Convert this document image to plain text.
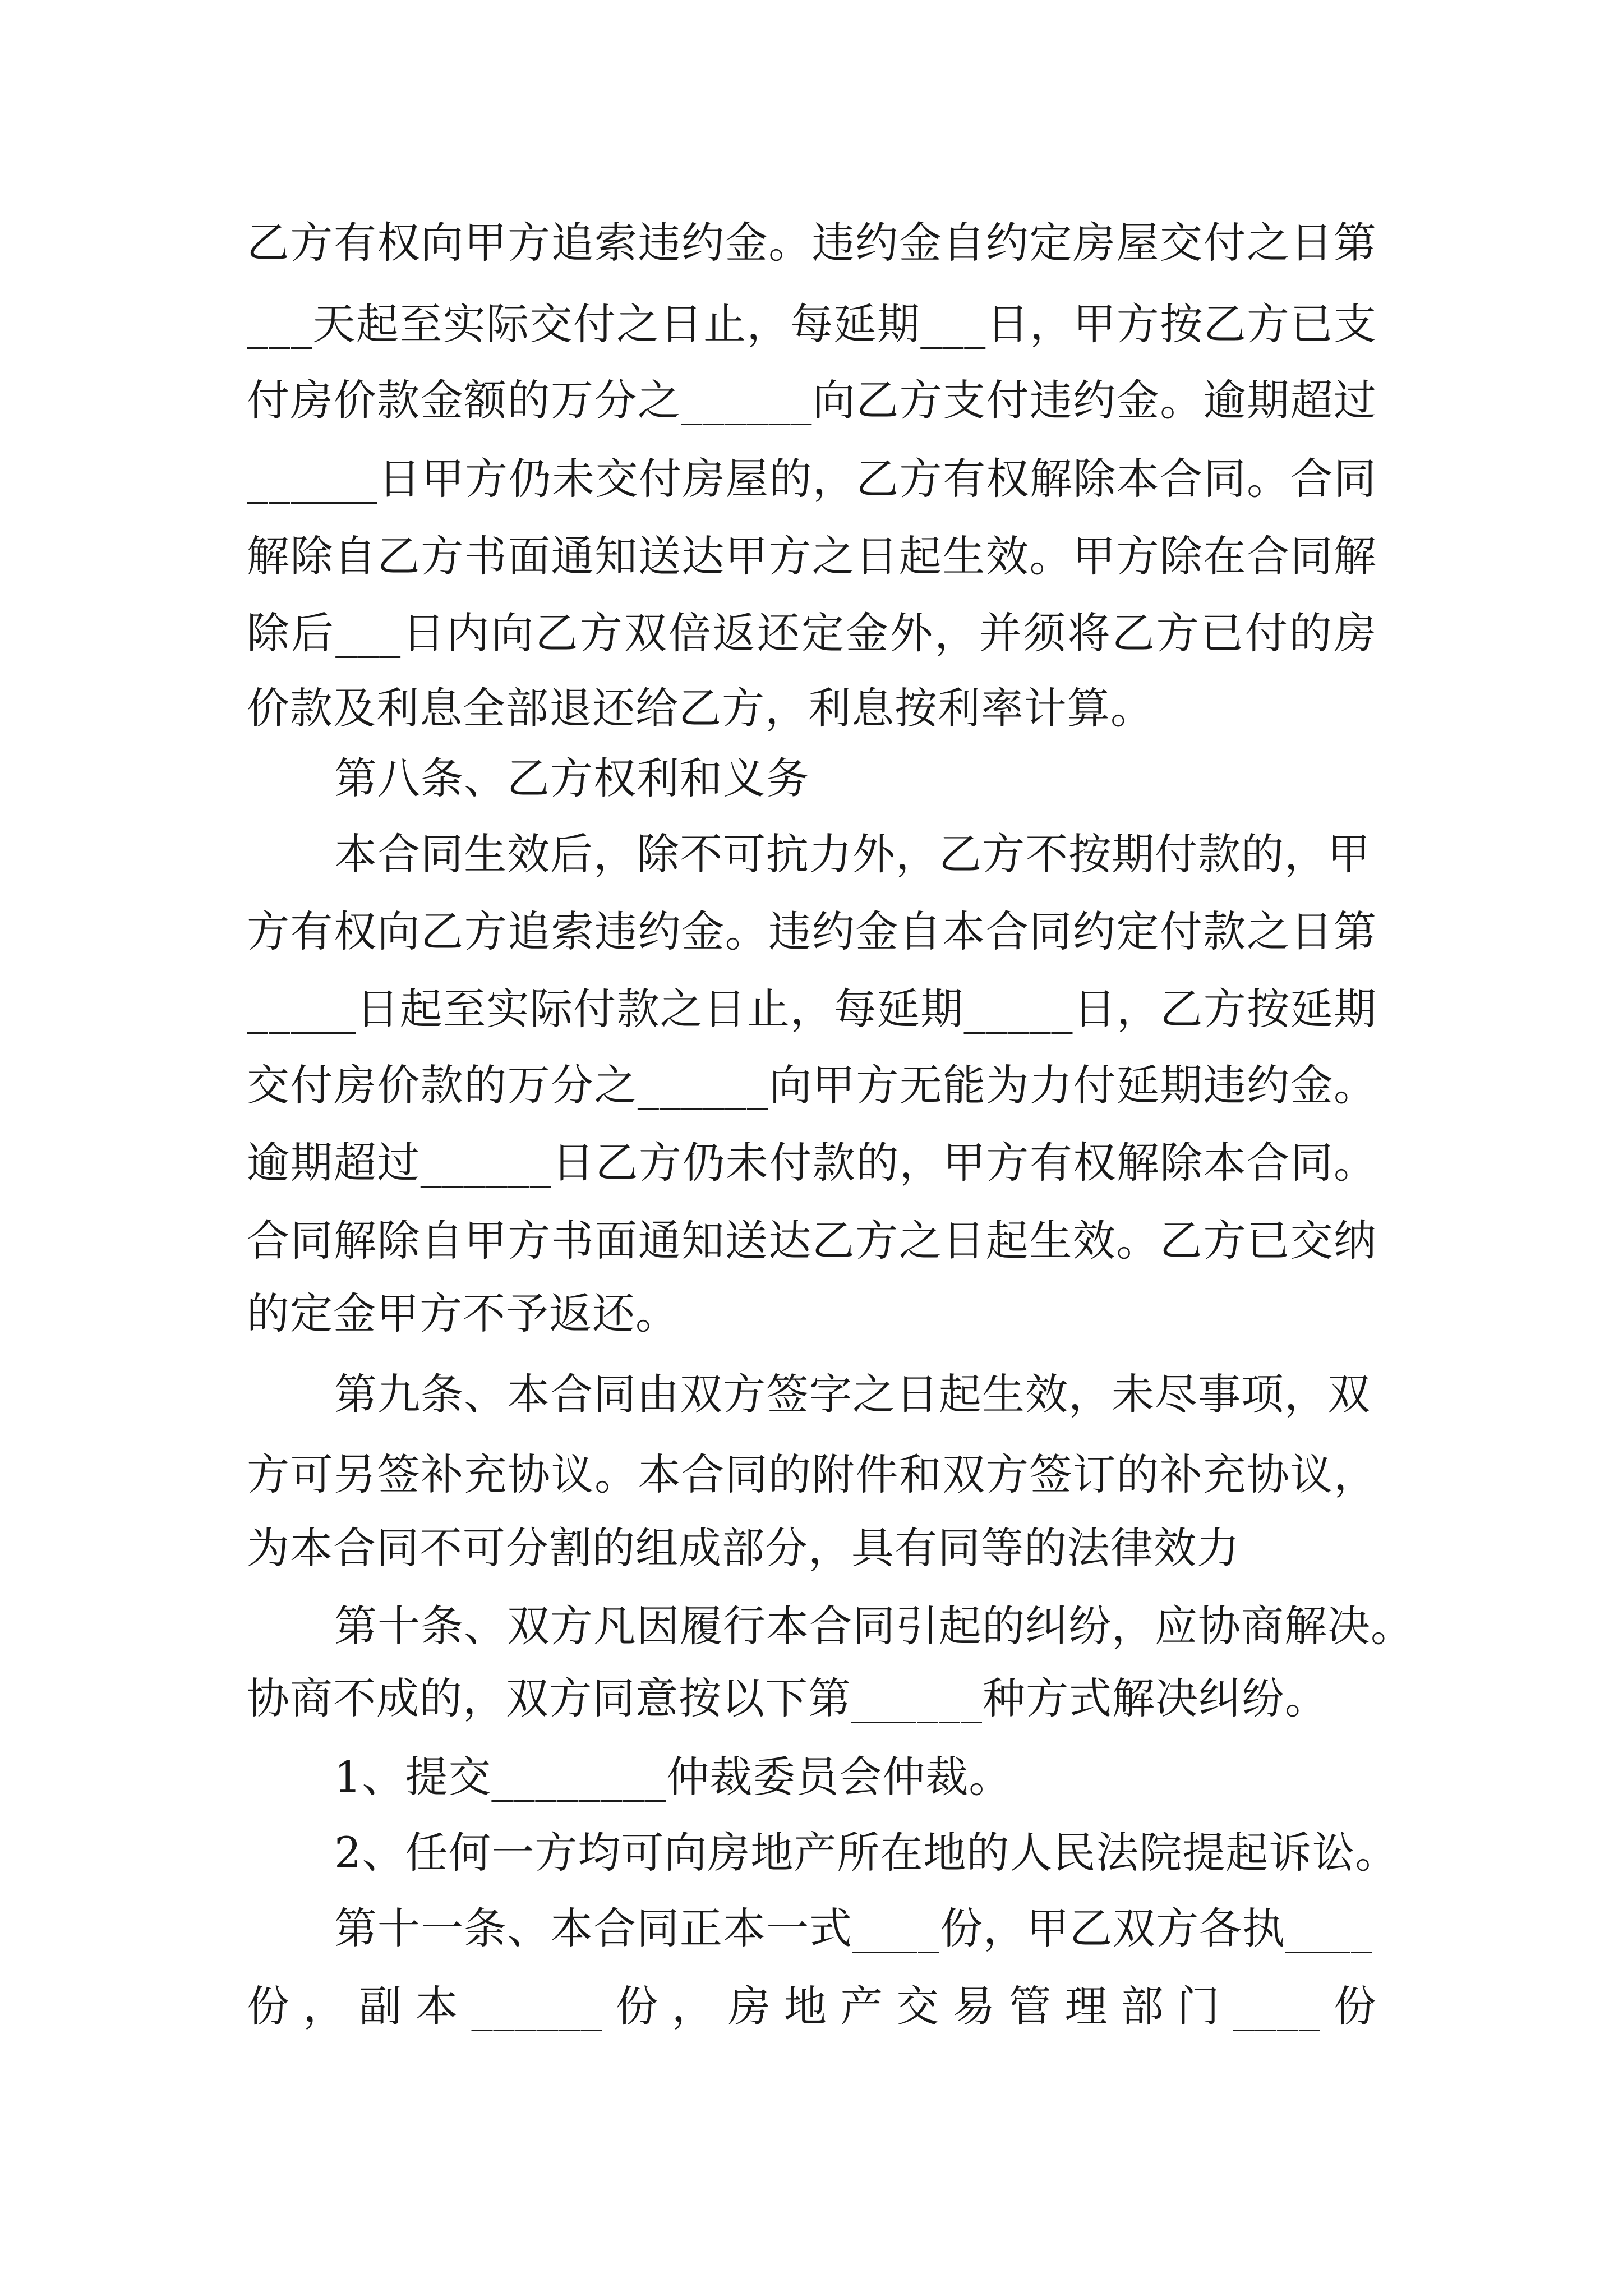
乙方有权向甲方追索违约金。违约金自约定房屋交付之日第
___天起至实际交付之日止，每延期___日，甲方按乙方已支
付房价款金额的万分之______向乙方支付违约金。逾期超过
______日甲方仍未交付房屋的，乙方有权解除本合同。合同
解除自乙方书面通知送达甲方之日起生效。甲方除在合同解
除后___日内向乙方双倍返还定金外，并须将乙方已付的房
价款及利息全部退还给乙方，利息按利率计算。
第八条、乙方权利和义务
本合同生效后，除不可抗力外，乙方不按期付款的，甲
方有权向乙方追索违约金。违约金自本合同约定付款之日第
_____日起至实际付款之日止，每延期_____日，乙方按延期
交付房价款的万分之______向甲方无能为力付延期违约金。
逾期超过______日乙方仍未付款的，甲方有权解除本合同。
合同解除自甲方书面通知送达乙方之日起生效。乙方已交纳
的定金甲方不予返还。
第九条、本合同由双方签字之日起生效，未尽事项，双
方可另签补充协议。本合同的附件和双方签订的补充协议，
为本合同不可分割的组成部分，具有同等的法律效力
第十条、双方凡因履行本合同引起的纠纷，应协商解决。
协商不成的，双方同意按以下第______种方式解决纠纷。
1、提交________仲裁委员会仲裁。
2、任何一方均可向房地产所在地的人民法院提起诉讼。
第十一条、本合同正本一式____份，甲乙双方各执____
份，副本______份，房地产交易管理部门____份
